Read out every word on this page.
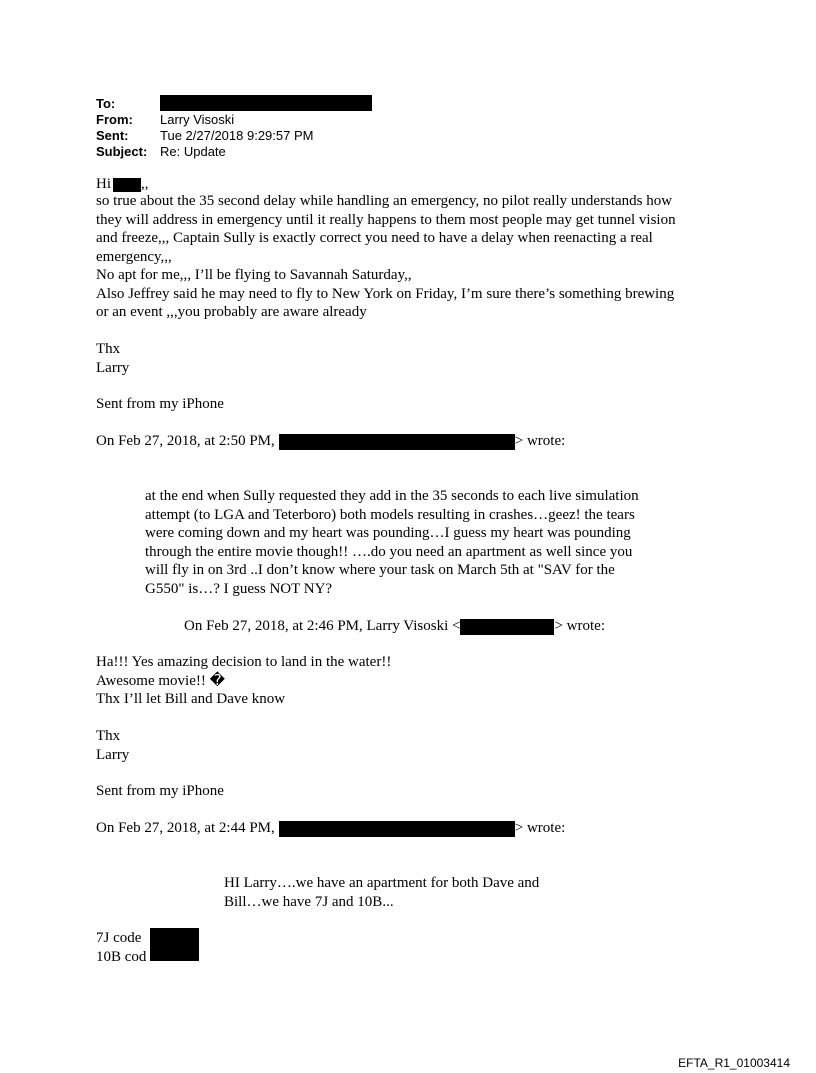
To:
From: Larry Visoski
Sent: Tue 2/27/2018 9:29:57 PM
Subject: Re: Update
Hi ,,
so true about the 35 second delay while handling an emergency, no pilot really understands how
they will address in emergency until it really happens to them most people may get tunnel vision
and freeze,,, Captain Sully is exactly correct you need to have a delay when reenacting a real
emergency,,,
No apt for me,,, I’ll be flying to Savannah Saturday,,
Also Jeffrey said he may need to fly to New York on Friday, I’m sure there’s something brewing
or an event ,,,you probably are aware already
Thx
Larry
Sent from my iPhone
On Feb 27, 2018, at 2:50 PM,	> wrote:
at the end when Sully requested they add in the 35 seconds to each live simulation
attempt (to LGA and Teterboro) both models resulting in crashes…geez! the tears
were coming down and my heart was pounding…I guess my heart was pounding
through the entire movie though!! ….do you need an apartment as well since you
will fly in on 3rd ..I don’t know where your task on March 5th at "SAV for the
G550" is…? I guess NOT NY?
On Feb 27, 2018, at 2:46 PM, Larry Visoski <	> wrote:
Ha!!! Yes amazing decision to land in the water!!
Awesome movie!! �
Thx I’ll let Bill and Dave know
Thx
Larry
Sent from my iPhone
On Feb 27, 2018, at 2:44 PM,	> wrote:
HI Larry….we have an apartment for both Dave and
Bill…we have 7J and 10B...
7J code
10B cod
EFTA_R1_01003414
